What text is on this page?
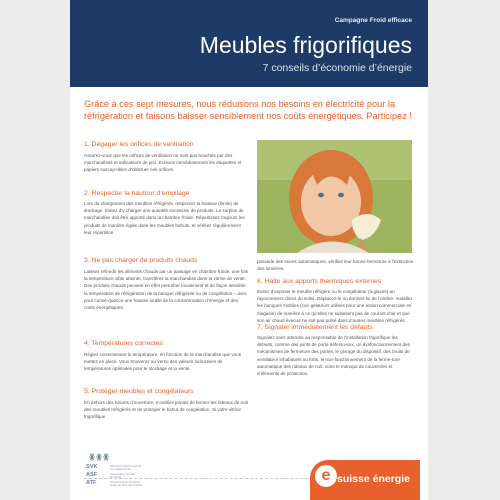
Campagne Froid efficace
Meubles frigorifiques
7 conseils d’économie d’énergie
Grâce à ces sept mesures, nous réduisons nos besoins en électricité pour la réfrigération et faisons baisser sensiblement nos coûts énergétiques. Participez !
1. Dégager les orifices de ventilation
Assurez-vous que les orifices de ventilation ne sont pas bouchés par des marchandises et indicateurs de prix. Enlevez immédiatement les étiquettes et papiers suscep-tibles d’obstruer ces orifices.
2. Respecter la hauteur d’empilage
Lors du chargement des meubles réfrigérés, respectez la hauteur (limite) de stockage. Évitez d’y charger une quantité excessive de produits. Le surplus de marchandise doit être apporté dans la chambre froide. Répartissez toujours les produits de manière égale dans les meubles bahuts, et vérifiez régulièrement leur répartition.
3. Ne pas charger de produits chauds
Laissez refroidir les aliments chauds par un passage en chambre froide, une fois la température cible atteinte, transférez la marchandise dans la vitrine de vente. Des produits chauds peuvent en effet perturber localement et de façon sensible la température de réfrigération de la banque réfrigérée ou de congélation – avec pour consé-quence une hausse inutile de la consommation d’énergie et des coûts énergétiques.
4. Températures correctes
Réglez correctement la température, en fonction de la marchandise que vous mettez en place. Vous trouverez au verso des valeurs indicatives de températures optimales pour le stockage et la vente.
5. Protéger meubles et congélateurs
En dehors des heures d’ouverture, n’oubliez jamais de fermer les rideaux de nuit des meubles réfrigérés et de protéger le bahut de congélation. Si votre vitrine frigorifique
possède des stores automatiques, vérifiez leur bonne fermeture à l’extinction des lumières.
6. Halte aux apports thermiques externes
Évitez d’exposer le meuble réfrigéré ou le congélateur (à glaces) au rayonnement direct du soleil. Déplacez-le ou dormez-lui de l’ombre. Installez les banques mobiles (con-gélateurs utilisés pour une action commerciale en magasin) de manière à ce qu’elles ne subissent pas de courant d’air et que son air chaud évacué ne soit pas pulsé dans d’autres meubles réfrigérés.
7. Signaler immédiatement les défauts
Signalez sans attendre au responsable de l’installation frigorifique les défauts, comme des joints de porte défectu-eux, un dysfonctionnement des mécanismes de fermeture des portes, le givrage du dispositif, des bruits de ventilateur inhabituels ou forts, le non-fonctionnement de la ferme-ture automatique des rideaux de nuit, voire le manque de couvercles et d’éléments de protection.
SVK
ASF
ATF
Schweizerischer Verein
für Kältetechnik
Association Suisse
du Froid
Associazione Svizzera
della Tecnica del Freddo
e suisse énergie
